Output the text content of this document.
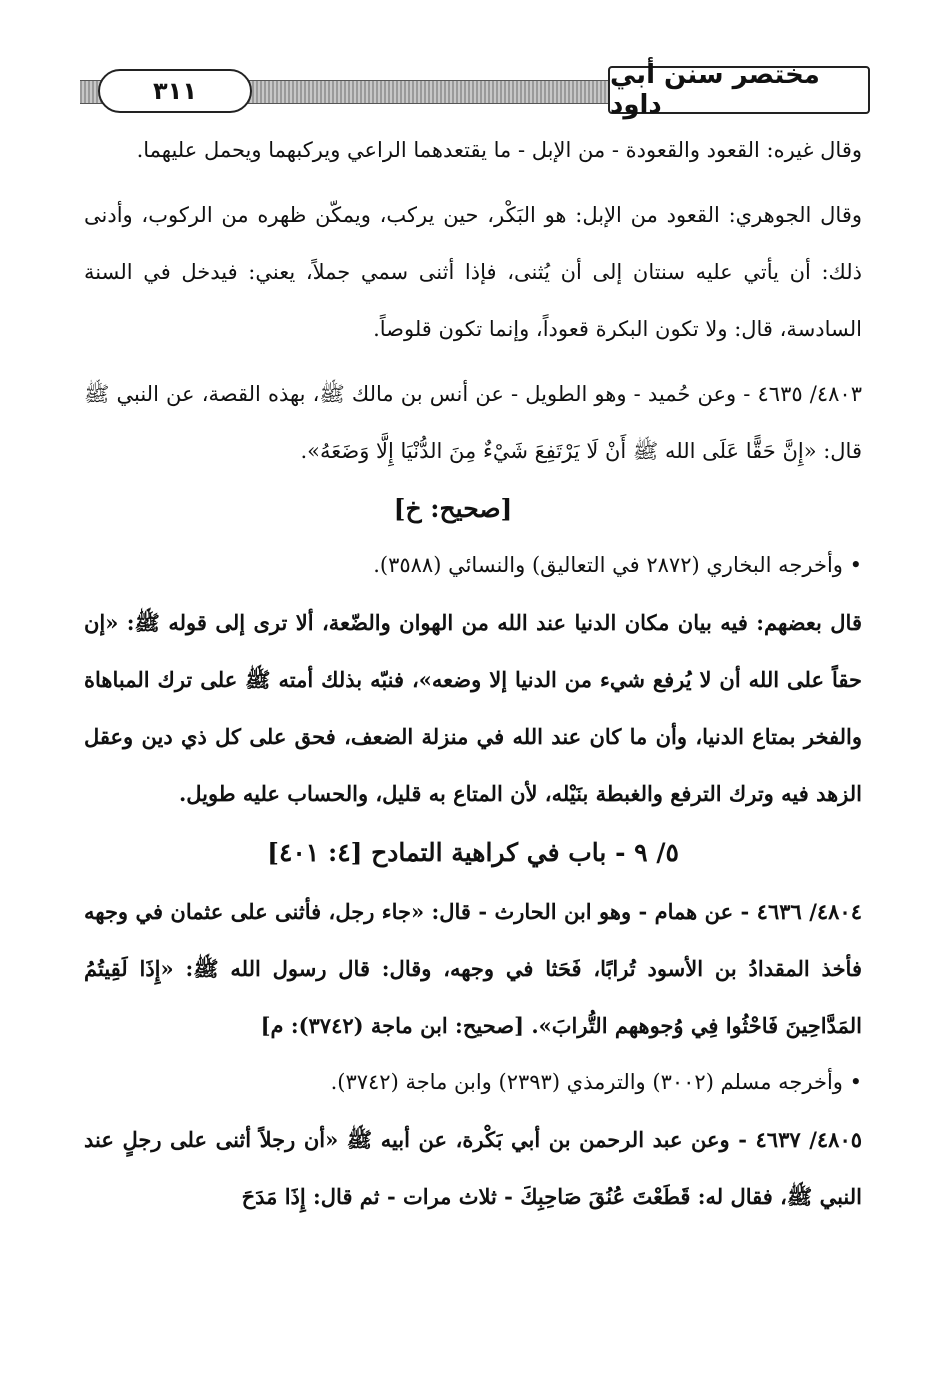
٣١١
مختصر سنن أبي داود

وقال غيره: القعود والقعودة - من الإبل - ما يقتعدهما الراعي ويركبهما ويحمل عليهما.

وقال الجوهري: القعود من الإبل: هو البَكْر، حين يركب، ويمكّن ظهره من الركوب، وأدنى ذلك: أن يأتي عليه سنتان إلى أن يُثنى، فإذا أثنى سمي جملاً، يعني: فيدخل في السنة السادسة، قال: ولا تكون البكرة قعوداً، وإنما تكون قلوصاً.

٤٨٠٣/ ٤٦٣٥ - وعن حُميد - وهو الطويل - عن أنس بن مالك ﷺ، بهذه القصة، عن النبي ﷺ قال: «إِنَّ حَقًّا عَلَى الله ﷺ أَنْ لَا يَرْتَفِعَ شَيْءٌ مِنَ الدُّنْيَا إِلَّا وَضَعَهُ».

[صحيح: خ]

• وأخرجه البخاري (٢٨٧٢ في التعاليق) والنسائي (٣٥٨٨).

قال بعضهم: فيه بيان مكان الدنيا عند الله من الهوان والضّعة، ألا ترى إلى قوله ﷺ: «إن حقاً على الله أن لا يُرفع شيء من الدنيا إلا وضعه»، فنبّه بذلك أمته ﷺ على ترك المباهاة والفخر بمتاع الدنيا، وأن ما كان عند الله في منزلة الضعف، فحق على كل ذي دين وعقل الزهد فيه وترك الترفع والغبطة بنَيْله، لأن المتاع به قليل، والحساب عليه طويل.

٥/ ٩ - باب في كراهية التمادح [٤: ٤٠١]

٤٨٠٤/ ٤٦٣٦ - عن همام - وهو ابن الحارث - قال: «جاء رجل، فأثنى على عثمان في وجهه فأخذ المقدادُ بن الأسود تُرابًا، فَحَثا في وجهه، وقال: قال رسول الله ﷺ: «إِذَا لَقِيتُمُ المَدَّاحِينَ فَاحْثُوا فِي وُجوههم التُّرابَ». [صحيح: ابن ماجة (٣٧٤٢): م]

• وأخرجه مسلم (٣٠٠٢) والترمذي (٢٣٩٣) وابن ماجة (٣٧٤٢).

٤٨٠٥/ ٤٦٣٧ - وعن عبد الرحمن بن أبي بَكْرة، عن أبيه ﷺ «أن رجلاً أثنى على رجلٍ عند النبي ﷺ، فقال له: قَطَعْتَ عُنُقَ صَاحِبِكَ - ثلاث مرات - ثم قال: إِذَا مَدَحَ
